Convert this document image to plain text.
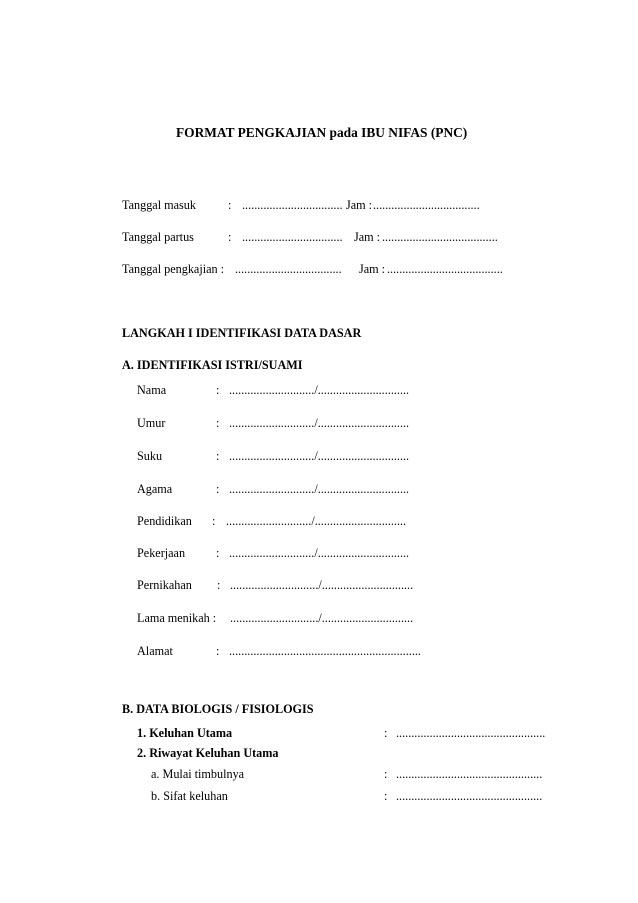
FORMAT PENGKAJIAN pada IBU NIFAS (PNC)
Tanggal masuk	: ................................. Jam : ...................................
Tanggal partus	: ................................. Jam : ......................................
Tanggal pengkajian : ................................... Jam : ......................................
LANGKAH I IDENTIFIKASI DATA DASAR
A. IDENTIFIKASI ISTRI/SUAMI
Nama	: ............................/..............................
Umur	: ............................/..............................
Suku	: ............................/..............................
Agama	: ............................/..............................
Pendidikan : ............................/..............................
Pekerjaan	: ............................/..............................
Pernikahan : ............................./..............................
Lama menikah : ............................./..............................
Alamat	: ...............................................................
B. DATA BIOLOGIS / FISIOLOGIS
1. Keluhan Utama	: .................................................
2. Riwayat Keluhan Utama
a. Mulai timbulnya	: ................................................
b. Sifat keluhan	: ................................................
